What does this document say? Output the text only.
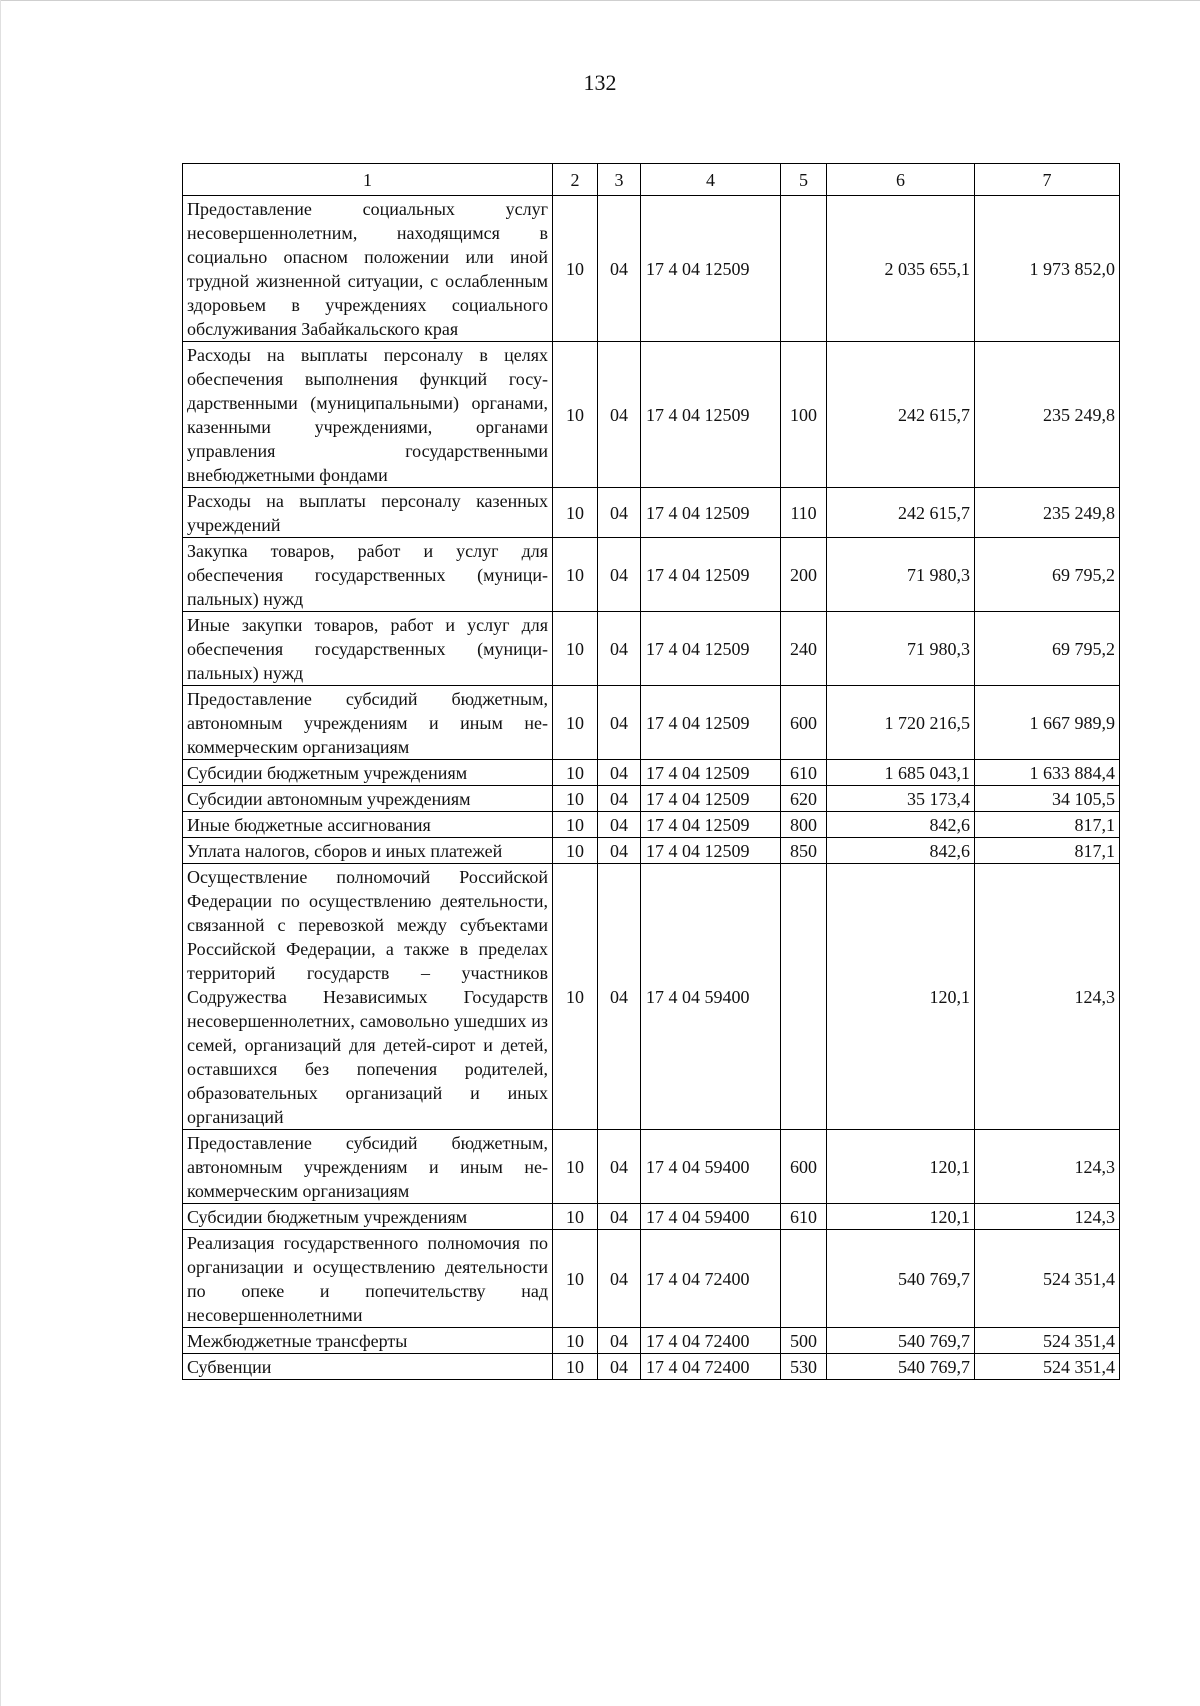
132
1	2	3	4	5	6	7
Предоставление социальных услуг несовершеннолетним, находящимся в социально опасном положении или иной трудной жизненной ситуации, с ослабленным здоровьем в учреждениях социального обслуживания Забайкальского края	10	04	17 4 04 12509		2 035 655,1	1 973 852,0
Расходы на выплаты персоналу в целях обеспечения выполнения функций государственными (муниципальными) органами, казенными учреждениями, органами управления государственными внебюджетными фондами	10	04	17 4 04 12509	100	242 615,7	235 249,8
Расходы на выплаты персоналу казенных учреждений	10	04	17 4 04 12509	110	242 615,7	235 249,8
Закупка товаров, работ и услуг для обеспечения государственных (муниципальных) нужд	10	04	17 4 04 12509	200	71 980,3	69 795,2
Иные закупки товаров, работ и услуг для обеспечения государственных (муниципальных) нужд	10	04	17 4 04 12509	240	71 980,3	69 795,2
Предоставление субсидий бюджетным, автономным учреждениям и иным некоммерческим организациям	10	04	17 4 04 12509	600	1 720 216,5	1 667 989,9
Субсидии бюджетным учреждениям	10	04	17 4 04 12509	610	1 685 043,1	1 633 884,4
Субсидии автономным учреждениям	10	04	17 4 04 12509	620	35 173,4	34 105,5
Иные бюджетные ассигнования	10	04	17 4 04 12509	800	842,6	817,1
Уплата налогов, сборов и иных платежей	10	04	17 4 04 12509	850	842,6	817,1
Осуществление полномочий Российской Федерации по осуществлению деятельности, связанной с перевозкой между субъектами Российской Федерации, а также в пределах территорий государств – участников Содружества Независимых Государств несовершеннолетних, самовольно ушедших из семей, организаций для детей-сирот и детей, оставшихся без попечения родителей, образовательных организаций и иных организаций	10	04	17 4 04 59400		120,1	124,3
Предоставление субсидий бюджетным, автономным учреждениям и иным некоммерческим организациям	10	04	17 4 04 59400	600	120,1	124,3
Субсидии бюджетным учреждениям	10	04	17 4 04 59400	610	120,1	124,3
Реализация государственного полномочия по организации и осуществлению деятельности по опеке и попечительству над несовершеннолетними	10	04	17 4 04 72400		540 769,7	524 351,4
Межбюджетные трансферты	10	04	17 4 04 72400	500	540 769,7	524 351,4
Субвенции	10	04	17 4 04 72400	530	540 769,7	524 351,4
